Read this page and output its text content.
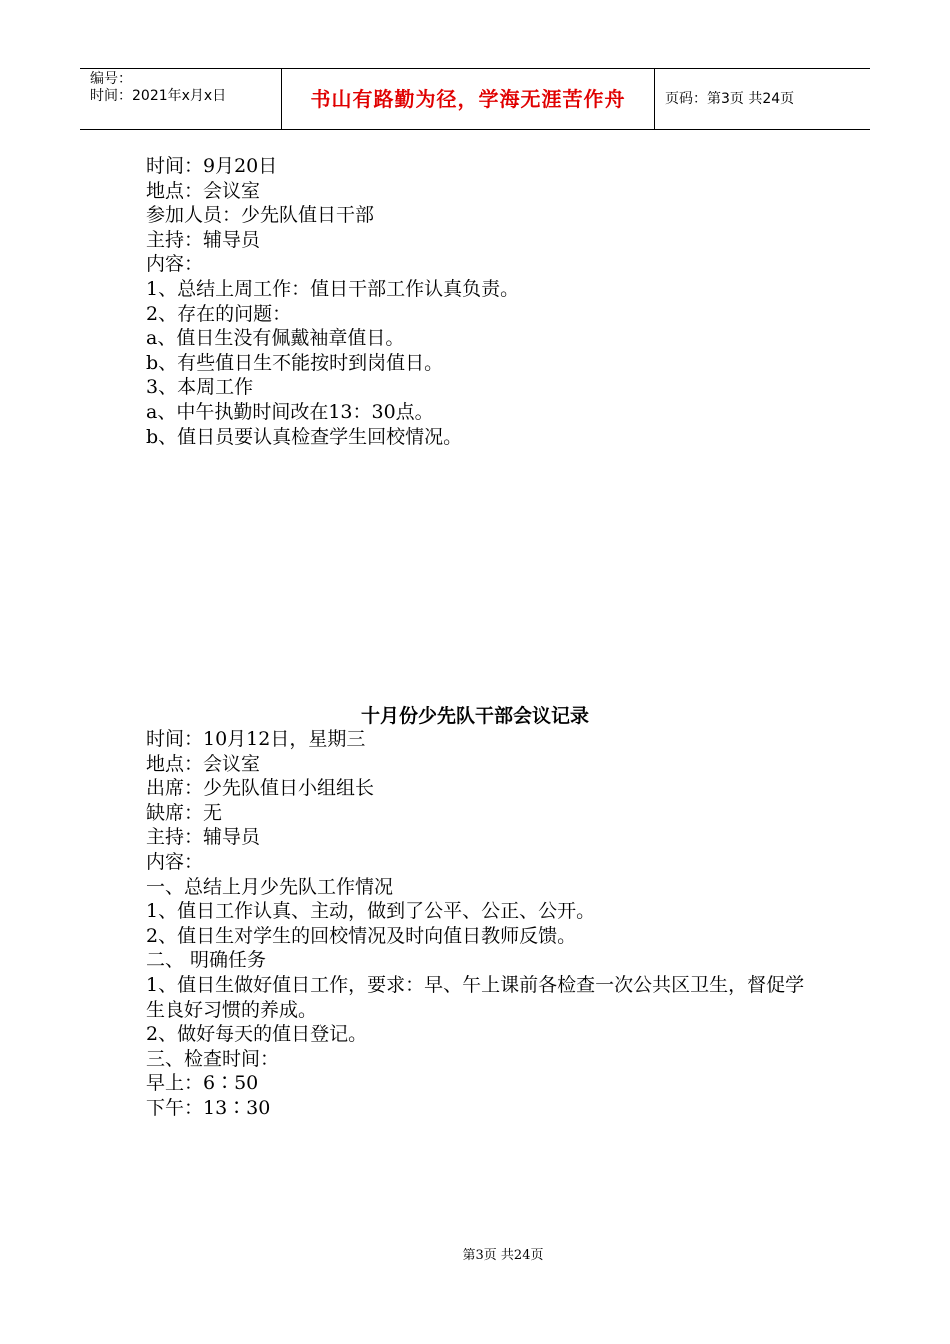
编号：
时间：2021年x月x日	书山有路勤为径，学海无涯苦作舟	页码：第3页 共24页
时间：9月20日
地点：会议室
参加人员：少先队值日干部
主持：辅导员
内容：
1、总结上周工作：值日干部工作认真负责。
2、存在的问题：
a、值日生没有佩戴袖章值日。
b、有些值日生不能按时到岗值日。
3、本周工作
a、中午执勤时间改在13：30点。
b、值日员要认真检查学生回校情况。
十月份少先队干部会议记录
时间：10月12日，星期三
地点：会议室
出席：少先队值日小组组长
缺席：无
主持：辅导员
内容：
一、总结上月少先队工作情况
1、值日工作认真、主动，做到了公平、公正、公开。
2、值日生对学生的回校情况及时向值日教师反馈。
二、 明确任务
1、值日生做好值日工作，要求：早、午上课前各检查一次公共区卫生，督促学生良好习惯的养成。
2、做好每天的值日登记。
三、检查时间：
早上：6∶50
下午：13∶30
第3页 共24页
